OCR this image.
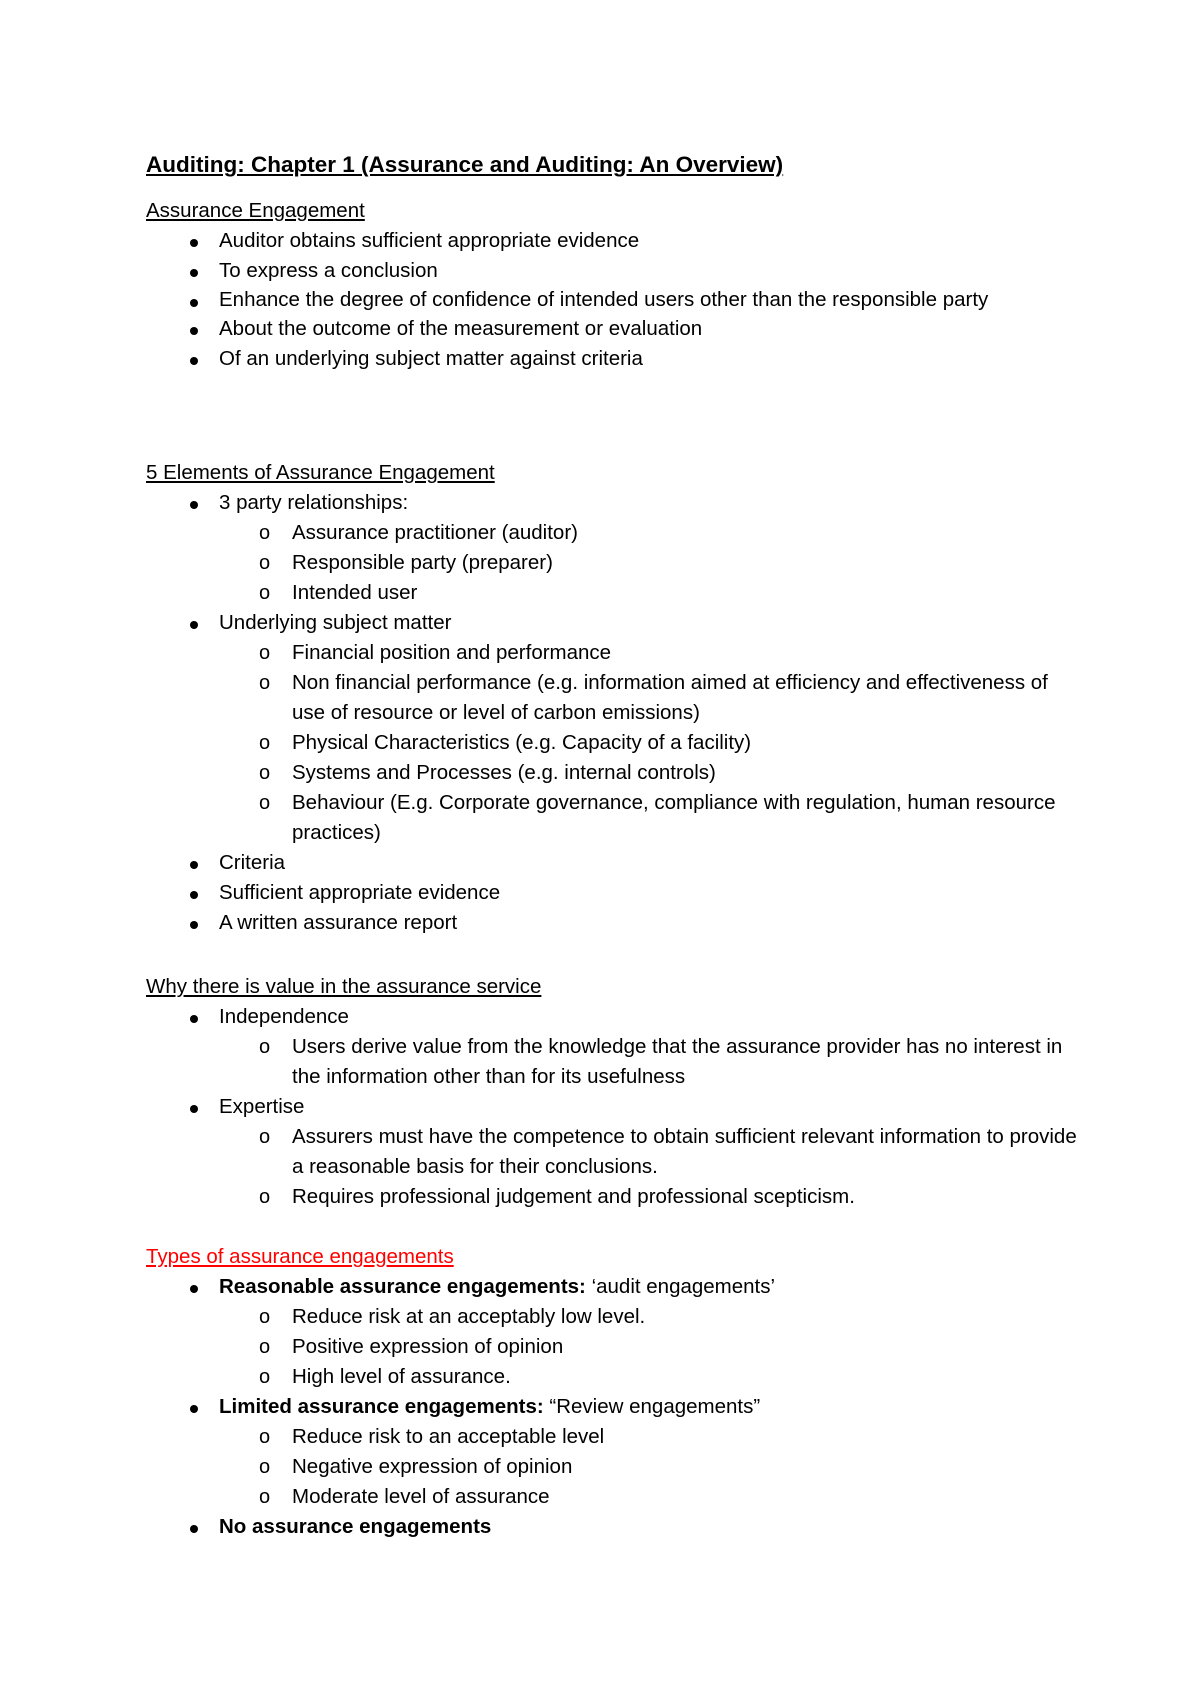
Auditing: Chapter 1 (Assurance and Auditing: An Overview)
Assurance Engagement
Auditor obtains sufficient appropriate evidence
To express a conclusion
Enhance the degree of confidence of intended users other than the responsible party
About the outcome of the measurement or evaluation
Of an underlying subject matter against criteria
5 Elements of Assurance Engagement
3 party relationships:
o Assurance practitioner (auditor)
o Responsible party (preparer)
o Intended user
Underlying subject matter
o Financial position and performance
o Non financial performance (e.g. information aimed at efficiency and effectiveness of use of resource or level of carbon emissions)
o Physical Characteristics (e.g. Capacity of a facility)
o Systems and Processes (e.g. internal controls)
o Behaviour (E.g. Corporate governance, compliance with regulation, human resource practices)
Criteria
Sufficient appropriate evidence
A written assurance report
Why there is value in the assurance service
Independence
o Users derive value from the knowledge that the assurance provider has no interest in the information other than for its usefulness
Expertise
o Assurers must have the competence to obtain sufficient relevant information to provide a reasonable basis for their conclusions.
o Requires professional judgement and professional scepticism.
Types of assurance engagements
Reasonable assurance engagements: ‘audit engagements’
o Reduce risk at an acceptably low level.
o Positive expression of opinion
o High level of assurance.
Limited assurance engagements: “Review engagements”
o Reduce risk to an acceptable level
o Negative expression of opinion
o Moderate level of assurance
No assurance engagements
